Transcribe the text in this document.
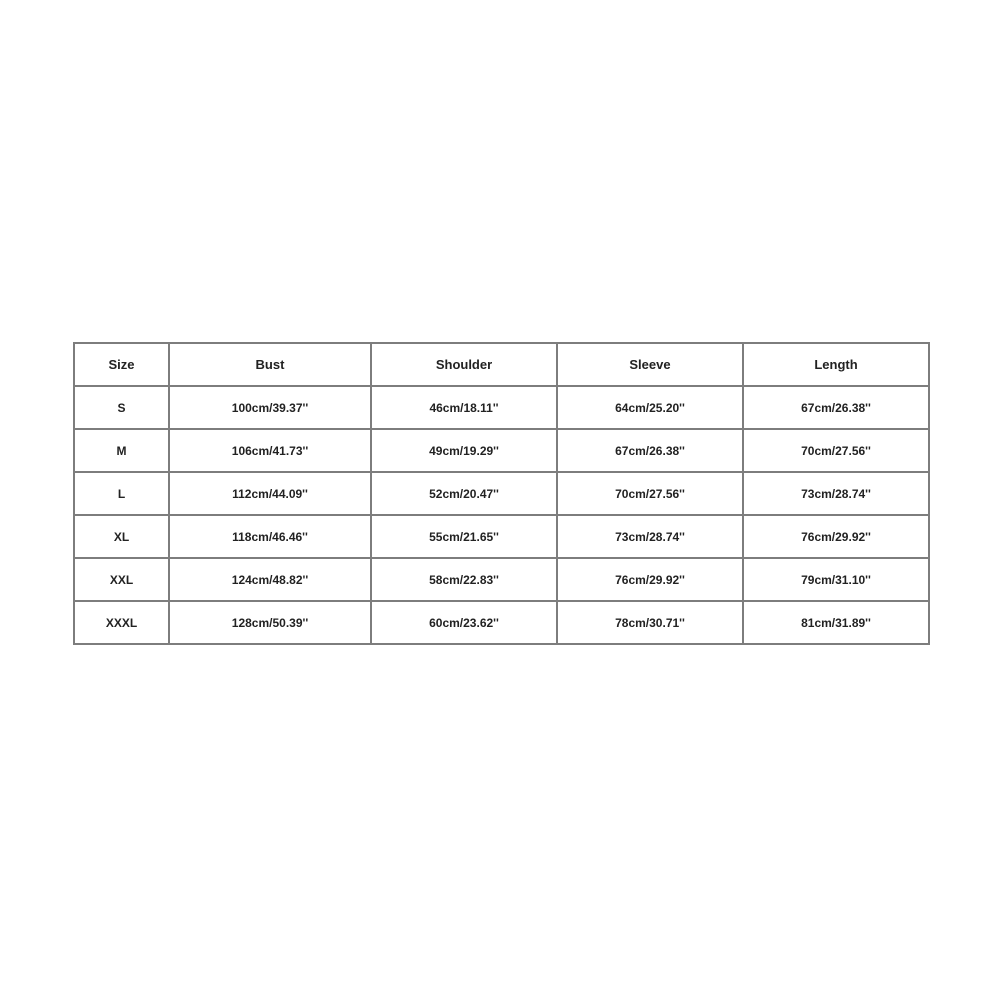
Size	Bust	Shoulder	Sleeve	Length
S	100cm/39.37''	46cm/18.11''	64cm/25.20''	67cm/26.38''
M	106cm/41.73''	49cm/19.29''	67cm/26.38''	70cm/27.56''
L	112cm/44.09''	52cm/20.47''	70cm/27.56''	73cm/28.74''
XL	118cm/46.46''	55cm/21.65''	73cm/28.74''	76cm/29.92''
XXL	124cm/48.82''	58cm/22.83''	76cm/29.92''	79cm/31.10''
XXXL	128cm/50.39''	60cm/23.62''	78cm/30.71''	81cm/31.89''
